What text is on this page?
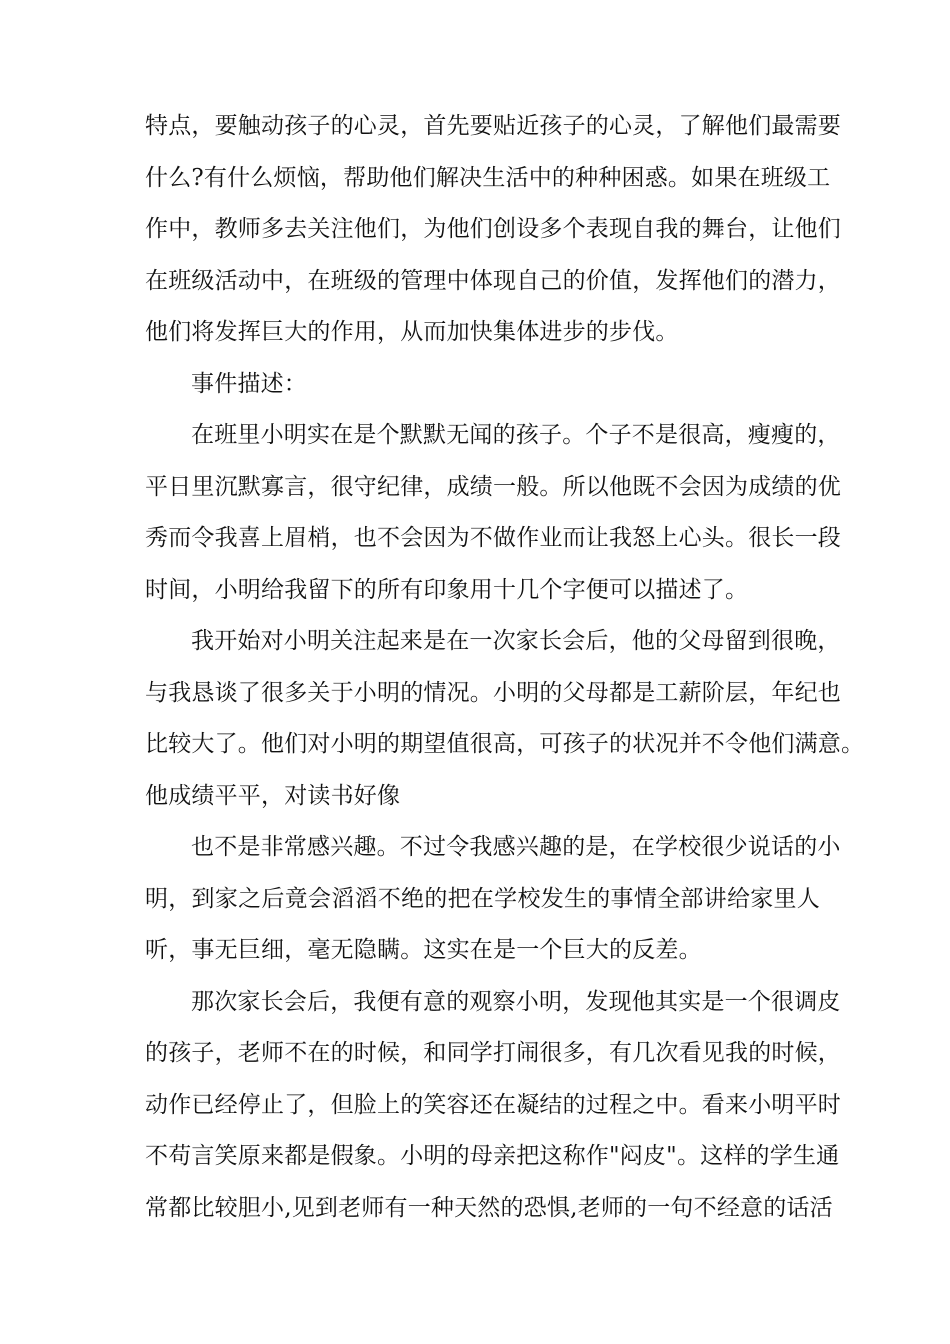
特点，要触动孩子的心灵，首先要贴近孩子的心灵，了解他们最需要
什么?有什么烦恼，帮助他们解决生活中的种种困惑。如果在班级工
作中，教师多去关注他们，为他们创设多个表现自我的舞台，让他们
在班级活动中，在班级的管理中体现自己的价值，发挥他们的潜力，
他们将发挥巨大的作用，从而加快集体进步的步伐。
事件描述：
在班里小明实在是个默默无闻的孩子。个子不是很高，瘦瘦的，
平日里沉默寡言，很守纪律，成绩一般。所以他既不会因为成绩的优
秀而令我喜上眉梢，也不会因为不做作业而让我怒上心头。很长一段
时间，小明给我留下的所有印象用十几个字便可以描述了。
我开始对小明关注起来是在一次家长会后，他的父母留到很晚，
与我恳谈了很多关于小明的情况。小明的父母都是工薪阶层，年纪也
比较大了。他们对小明的期望值很高，可孩子的状况并不令他们满意。
他成绩平平，对读书好像
也不是非常感兴趣。不过令我感兴趣的是，在学校很少说话的小
明，到家之后竟会滔滔不绝的把在学校发生的事情全部讲给家里人
听，事无巨细，毫无隐瞒。这实在是一个巨大的反差。
那次家长会后，我便有意的观察小明，发现他其实是一个很调皮
的孩子，老师不在的时候，和同学打闹很多，有几次看见我的时候，
动作已经停止了，但脸上的笑容还在凝结的过程之中。看来小明平时
不苟言笑原来都是假象。小明的母亲把这称作"闷皮"。这样的学生通
常都比较胆小,见到老师有一种天然的恐惧,老师的一句不经意的话活
